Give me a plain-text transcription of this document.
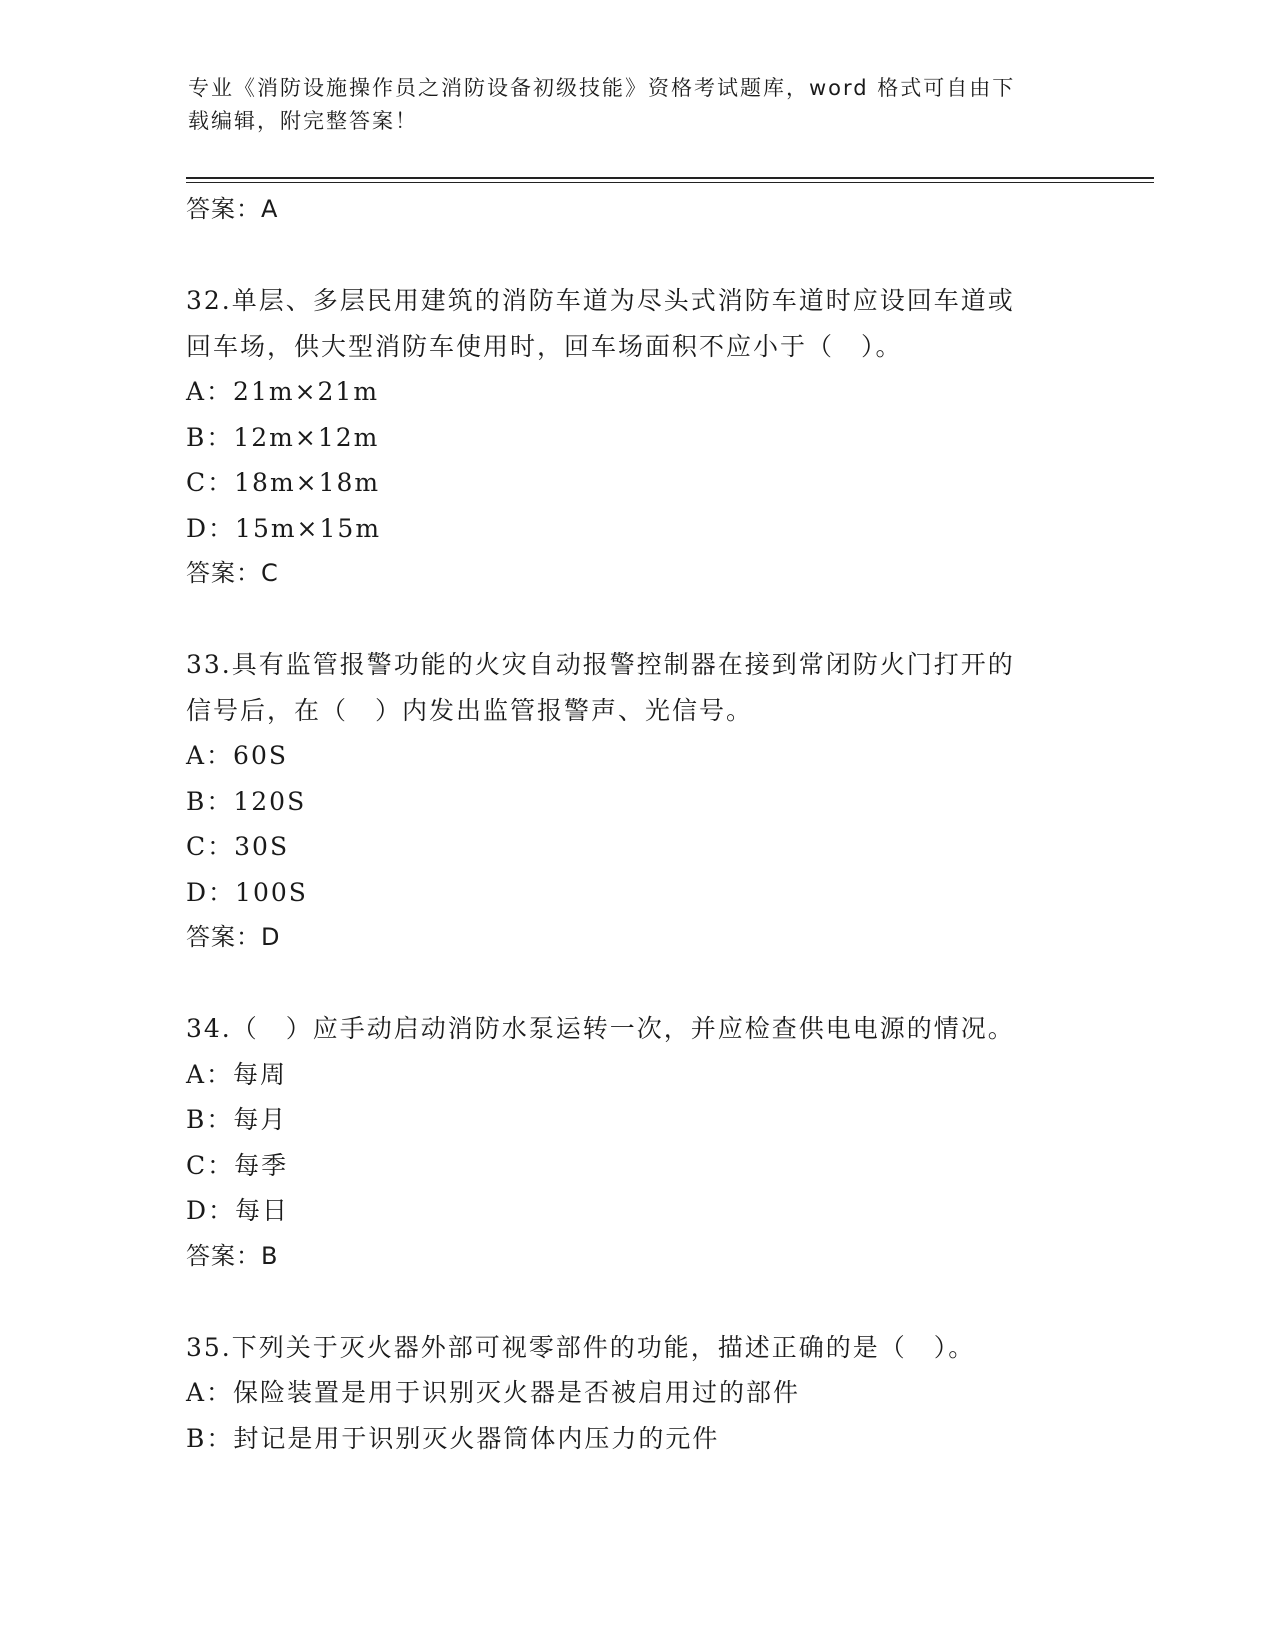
专业《消防设施操作员之消防设备初级技能》资格考试题库，word 格式可自由下
载编辑，附完整答案！
答案：A
32.单层、多层民用建筑的消防车道为尽头式消防车道时应设回车道或
回车场，供大型消防车使用时，回车场面积不应小于（　）。
A：21m×21m
B：12m×12m
C：18m×18m
D：15m×15m
答案：C
33.具有监管报警功能的火灾自动报警控制器在接到常闭防火门打开的
信号后，在（　）内发出监管报警声、光信号。
A：60S
B：120S
C：30S
D：100S
答案：D
34.（　）应手动启动消防水泵运转一次，并应检查供电电源的情况。
A：每周
B：每月
C：每季
D：每日
答案：B
35.下列关于灭火器外部可视零部件的功能，描述正确的是（　）。
A：保险装置是用于识别灭火器是否被启用过的部件
B：封记是用于识别灭火器筒体内压力的元件
